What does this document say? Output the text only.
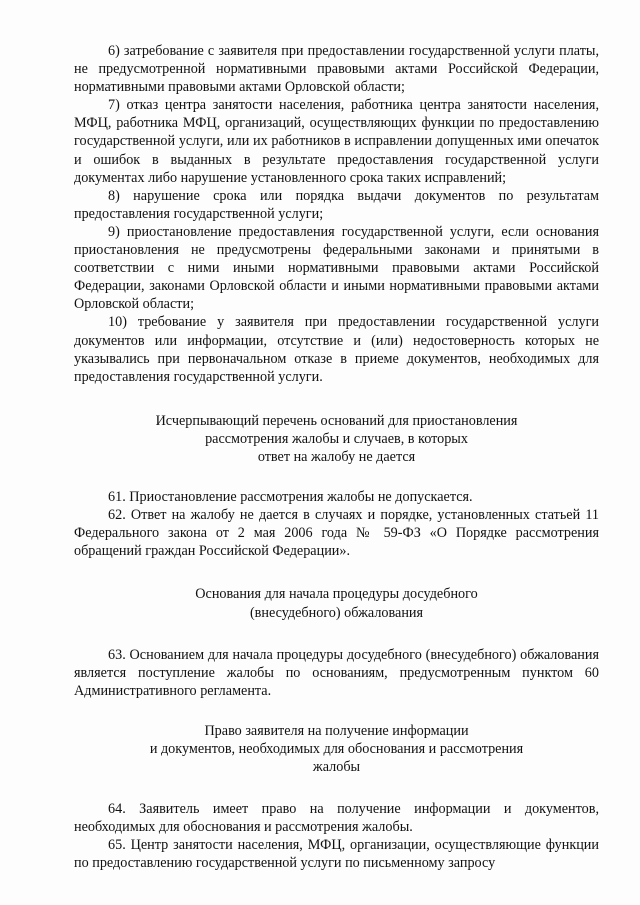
6) затребование с заявителя при предоставлении государственной услуги платы, не предусмотренной нормативными правовыми актами Российской Федерации, нормативными правовыми актами Орловской области;

7) отказ центра занятости населения, работника центра занятости населения, МФЦ, работника МФЦ, организаций, осуществляющих функции по предоставлению государственной услуги, или их работников в исправлении допущенных ими опечаток и ошибок в выданных в результате предоставления государственной услуги документах либо нарушение установленного срока таких исправлений;

8) нарушение срока или порядка выдачи документов по результатам предоставления государственной услуги;

9) приостановление предоставления государственной услуги, если основания приостановления не предусмотрены федеральными законами и принятыми в соответствии с ними иными нормативными правовыми актами Российской Федерации, законами Орловской области и иными нормативными правовыми актами Орловской области;

10) требование у заявителя при предоставлении государственной услуги документов или информации, отсутствие и (или) недостоверность которых не указывались при первоначальном отказе в приеме документов, необходимых для предоставления государственной услуги.

Исчерпывающий перечень оснований для приостановления

рассмотрения жалобы и случаев, в которых

ответ на жалобу не дается

61. Приостановление рассмотрения жалобы не допускается.

62. Ответ на жалобу не дается в случаях и порядке, установленных статьей 11 Федерального закона от 2 мая 2006 года № 59-ФЗ «О Порядке рассмотрения обращений граждан Российской Федерации».

Основания для начала процедуры досудебного

(внесудебного) обжалования

63. Основанием для начала процедуры досудебного (внесудебного) обжалования является поступление жалобы по основаниям, предусмотренным пунктом 60 Административного регламента.

Право заявителя на получение информации

и документов, необходимых для обоснования и рассмотрения

жалобы

64. Заявитель имеет право на получение информации и документов, необходимых для обоснования и рассмотрения жалобы.

65. Центр занятости населения, МФЦ, организации, осуществляющие функции по предоставлению государственной услуги по письменному запросу
